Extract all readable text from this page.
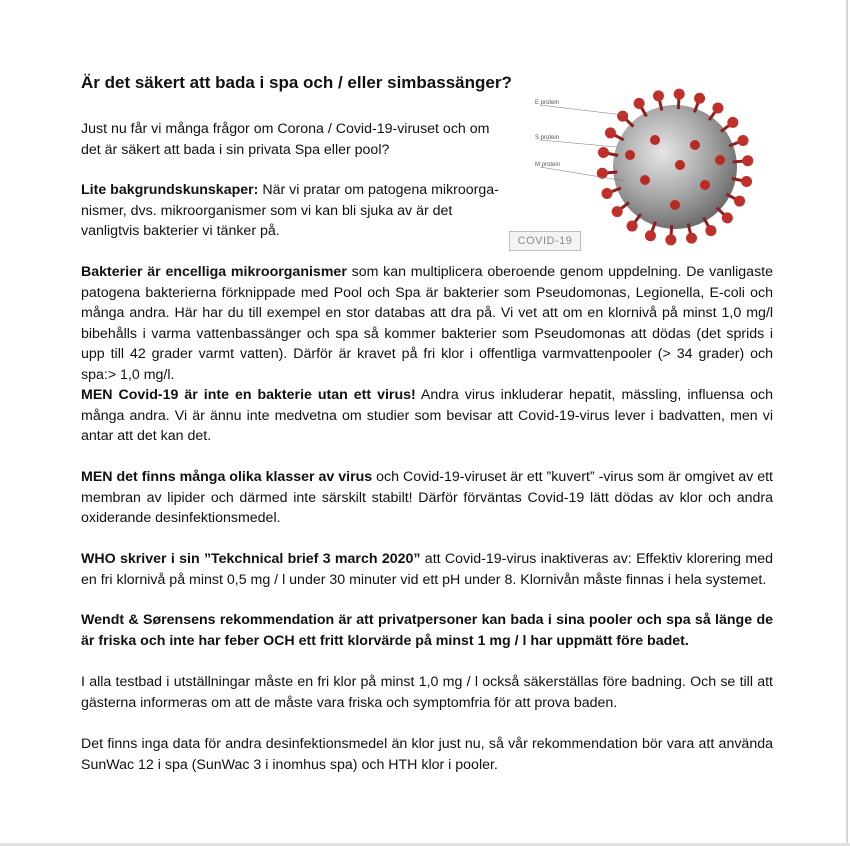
Är det säkert att bada i spa och / eller simbassänger?
E protein
S protein
M protein
COVID-19

Just nu får vi många frågor om Corona / Covid-19-viruset och om det är säkert att bada i sin privata Spa eller pool?

Lite bakgrundskunskaper: När vi pratar om patogena mikroorga-nismer, dvs. mikroorganismer som vi kan bli sjuka av är det vanligtvis bakterier vi tänker på.

Bakterier är encelliga mikroorganismer som kan multiplicera oberoende genom uppdelning. De vanligaste patogena bakterierna förknippade med Pool och Spa är bakterier som Pseudomonas, Legionella, E-coli och många andra. Här har du till exempel en stor databas att dra på. Vi vet att om en klornivå på minst 1,0 mg/l bibehålls i varma vattenbassänger och spa så kommer bakterier som Pseudomonas att dödas (det sprids i upp till 42 grader varmt vatten). Därför är kravet på fri klor i offentliga varmvattenpooler (> 34 grader) och spa:> 1,0 mg/l.

MEN Covid-19 är inte en bakterie utan ett virus! Andra virus inkluderar hepatit, mässling, influensa och många andra. Vi är ännu inte medvetna om studier som bevisar att Covid-19-virus lever i badvatten, men vi antar att det kan det.

MEN det finns många olika klasser av virus och Covid-19-viruset är ett ”kuvert” -virus som är omgivet av ett membran av lipider och därmed inte särskilt stabilt! Därför förväntas Covid-19 lätt dödas av klor och andra oxiderande desinfektionsmedel.

WHO skriver i sin ”Tekchnical brief 3 march 2020” att Covid-19-virus inaktiveras av: Effektiv klorering med en fri klornivå på minst 0,5 mg / l under 30 minuter vid ett pH under 8. Klornivån måste finnas i hela systemet.

Wendt & Sørensens rekommendation är att privatpersoner kan bada i sina pooler och spa så länge de är friska och inte har feber OCH ett fritt klorvärde på minst 1 mg / l har uppmätt före badet.

I alla testbad i utställningar måste en fri klor på minst 1,0 mg / l också säkerställas före badning. Och se till att gästerna informeras om att de måste vara friska och symptomfria för att prova baden.

Det finns inga data för andra desinfektionsmedel än klor just nu, så vår rekommendation bör vara att använda SunWac 12 i spa (SunWac 3 i inomhus spa) och HTH klor i pooler.
